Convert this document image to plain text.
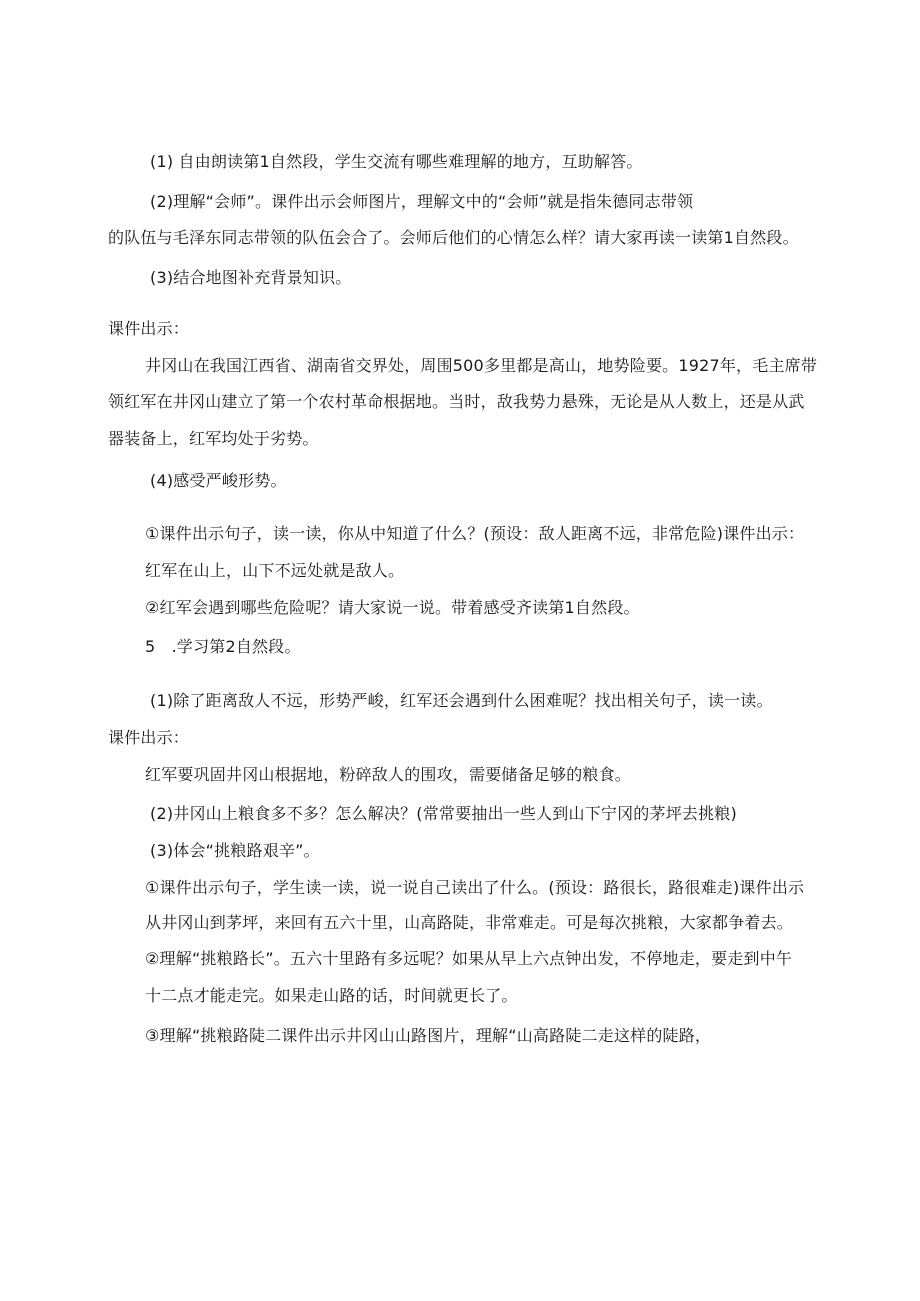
(1) 自由朗读第1自然段，学生交流有哪些难理解的地方，互助解答。
(2)理解“会师”。课件出示会师图片，理解文中的“会师”就是指朱德同志带领
的队伍与毛泽东同志带领的队伍会合了。会师后他们的心情怎么样？请大家再读一读第1自然段。
(3)结合地图补充背景知识。
课件出示：
井冈山在我国江西省、湖南省交界处，周围500多里都是高山，地势险要。1927年，毛主席带
领红军在井冈山建立了第一个农村革命根据地。当时，敌我势力悬殊，无论是从人数上，还是从武
器装备上，红军均处于劣势。
(4)感受严峻形势。
①课件出示句子，读一读，你从中知道了什么？(预设：敌人距离不远，非常危险)课件出示：
红军在山上，山下不远处就是敌人。
②红军会遇到哪些危险呢？请大家说一说。带着感受齐读第1自然段。
5　.学习第2自然段。
(1)除了距离敌人不远，形势严峻，红军还会遇到什么困难呢？找出相关句子，读一读。
课件出示：
红军要巩固井冈山根据地，粉碎敌人的围攻，需要储备足够的粮食。
(2)井冈山上粮食多不多？怎么解决？(常常要抽出一些人到山下宁冈的茅坪去挑粮)
(3)体会“挑粮路艰辛”。
①课件出示句子，学生读一读，说一说自己读出了什么。(预设：路很长，路很难走)课件出示
从井冈山到茅坪，来回有五六十里，山高路陡，非常难走。可是每次挑粮，大家都争着去。
②理解“挑粮路长”。五六十里路有多远呢？如果从早上六点钟出发，不停地走，要走到中午
十二点才能走完。如果走山路的话，时间就更长了。
③理解“挑粮路陡二课件出示井冈山山路图片，理解“山高路陡二走这样的陡路，
